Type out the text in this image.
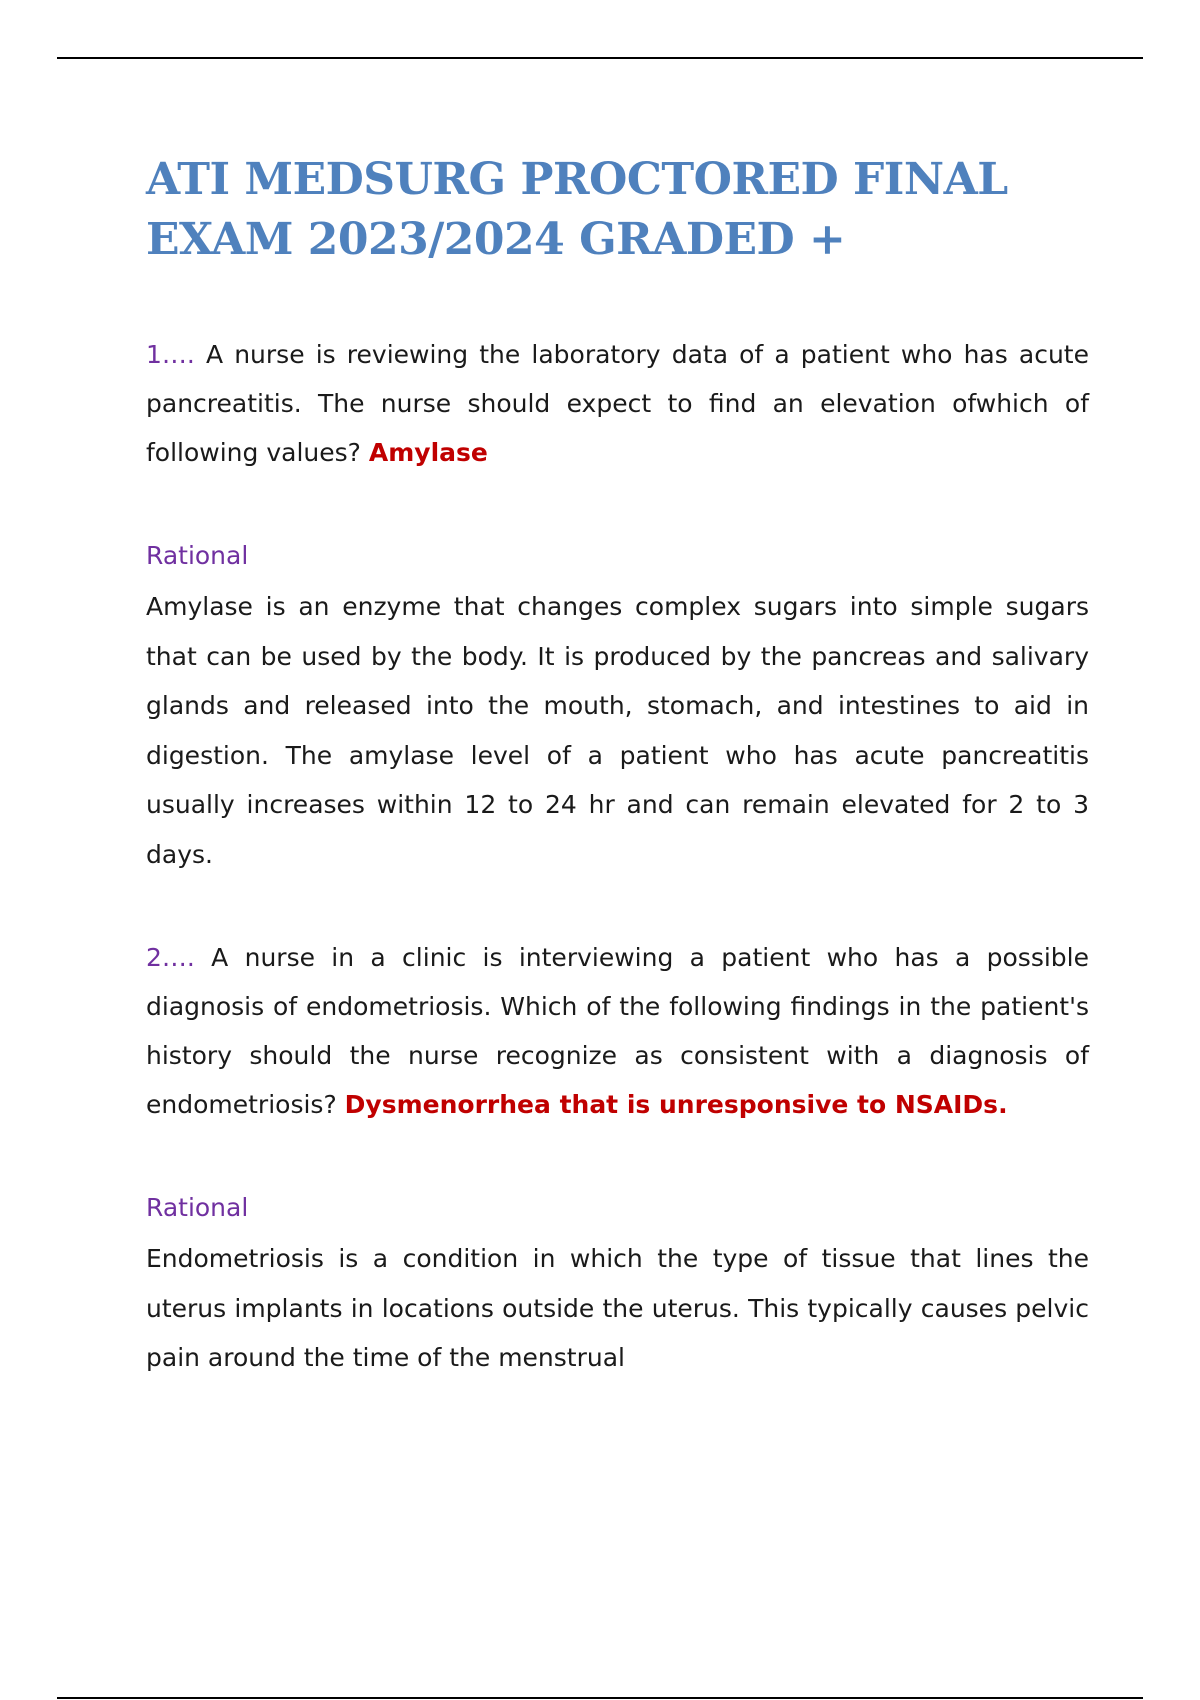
ATI MEDSURG PROCTORED FINAL
EXAM 2023/2024 GRADED +

1…. A nurse is reviewing the laboratory data of a patient who has acute pancreatitis. The nurse should expect to find an elevation ofwhich of following values? Amylase

Rational

Amylase is an enzyme that changes complex sugars into simple sugars that can be used by the body. It is produced by the pancreas and salivary glands and released into the mouth, stomach, and intestines to aid in digestion. The amylase level of a patient who has acute pancreatitis usually increases within 12 to 24 hr and can remain elevated for 2 to 3 days.

2…. A nurse in a clinic is interviewing a patient who has a possible diagnosis of endometriosis. Which of the following findings in the patient's history should the nurse recognize as consistent with a diagnosis of endometriosis? Dysmenorrhea that is unresponsive to NSAIDs.

Rational

Endometriosis is a condition in which the type of tissue that lines the uterus implants in locations outside the uterus. This typically causes pelvic pain around the time of the menstrual
